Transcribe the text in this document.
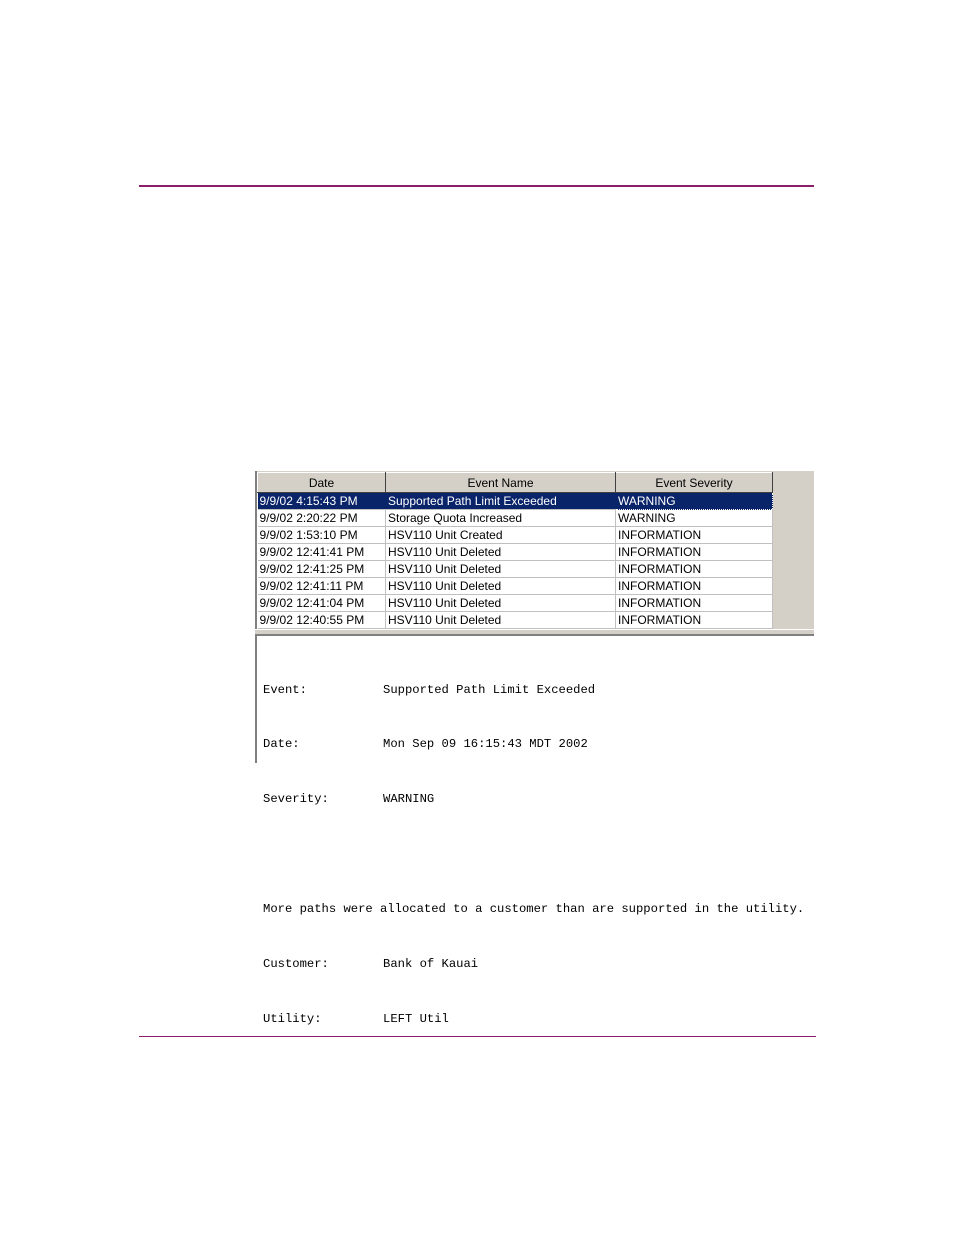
Date	Event Name	Event Severity
9/9/02 4:15:43 PM	Supported Path Limit Exceeded	WARNING
9/9/02 2:20:22 PM	Storage Quota Increased	WARNING
9/9/02 1:53:10 PM	HSV110 Unit Created	INFORMATION
9/9/02 12:41:41 PM	HSV110 Unit Deleted	INFORMATION
9/9/02 12:41:25 PM	HSV110 Unit Deleted	INFORMATION
9/9/02 12:41:11 PM	HSV110 Unit Deleted	INFORMATION
9/9/02 12:41:04 PM	HSV110 Unit Deleted	INFORMATION
9/9/02 12:40:55 PM	HSV110 Unit Deleted	INFORMATION

Event:	Supported Path Limit Exceeded

Date:	Mon Sep 09 16:15:43 MDT 2002

Severity:	WARNING

More paths were allocated to a customer than are supported in the utility.

Customer:	Bank of Kauai

Utility:	LEFT Util
